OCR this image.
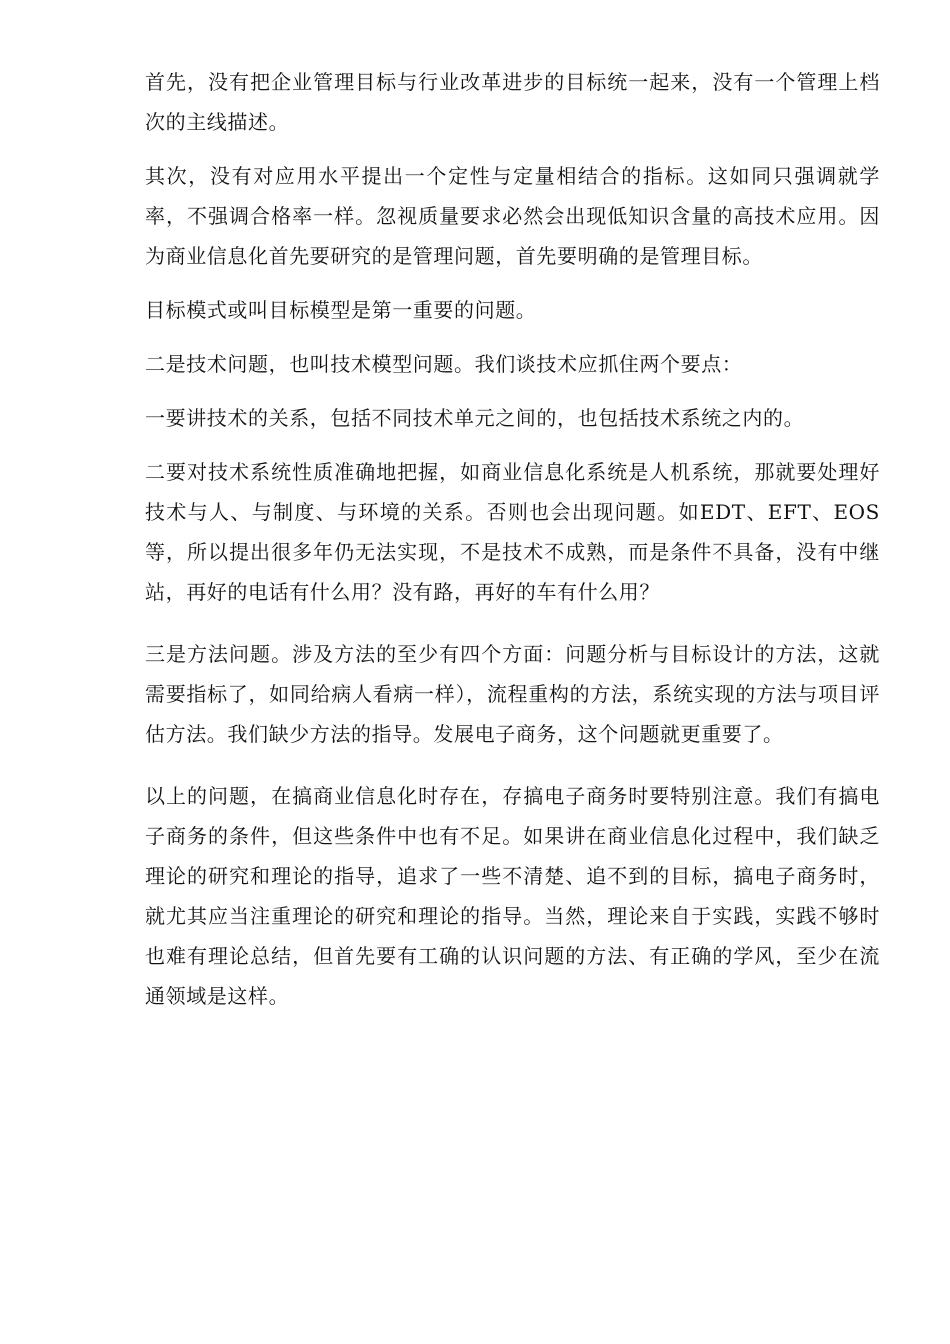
首先，没有把企业管理目标与行业改革进步的目标统一起来，没有一个管理上档次的主线描述。

其次，没有对应用水平提出一个定性与定量相结合的指标。这如同只强调就学率，不强调合格率一样。忽视质量要求必然会出现低知识含量的高技术应用。因为商业信息化首先要研究的是管理问题，首先要明确的是管理目标。

目标模式或叫目标模型是第一重要的问题。

二是技术问题，也叫技术模型问题。我们谈技术应抓住两个要点：

一要讲技术的关系，包括不同技术单元之间的，也包括技术系统之内的。

二要对技术系统性质准确地把握，如商业信息化系统是人机系统，那就要处理好技术与人、与制度、与环境的关系。否则也会出现问题。如EDT、EFT、EOS等，所以提出很多年仍无法实现，不是技术不成熟，而是条件不具备，没有中继站，再好的电话有什么用？没有路，再好的车有什么用？

三是方法问题。涉及方法的至少有四个方面：问题分析与目标设计的方法，这就需要指标了，如同给病人看病一样），流程重构的方法，系统实现的方法与项目评估方法。我们缺少方法的指导。发展电子商务，这个问题就更重要了。

以上的问题，在搞商业信息化时存在，存搞电子商务时要特别注意。我们有搞电子商务的条件，但这些条件中也有不足。如果讲在商业信息化过程中，我们缺乏理论的研究和理论的指导，追求了一些不清楚、追不到的目标，搞电子商务时，就尤其应当注重理论的研究和理论的指导。当然，理论来自于实践，实践不够时也难有理论总结，但首先要有工确的认识问题的方法、有正确的学风，至少在流通领域是这样。
